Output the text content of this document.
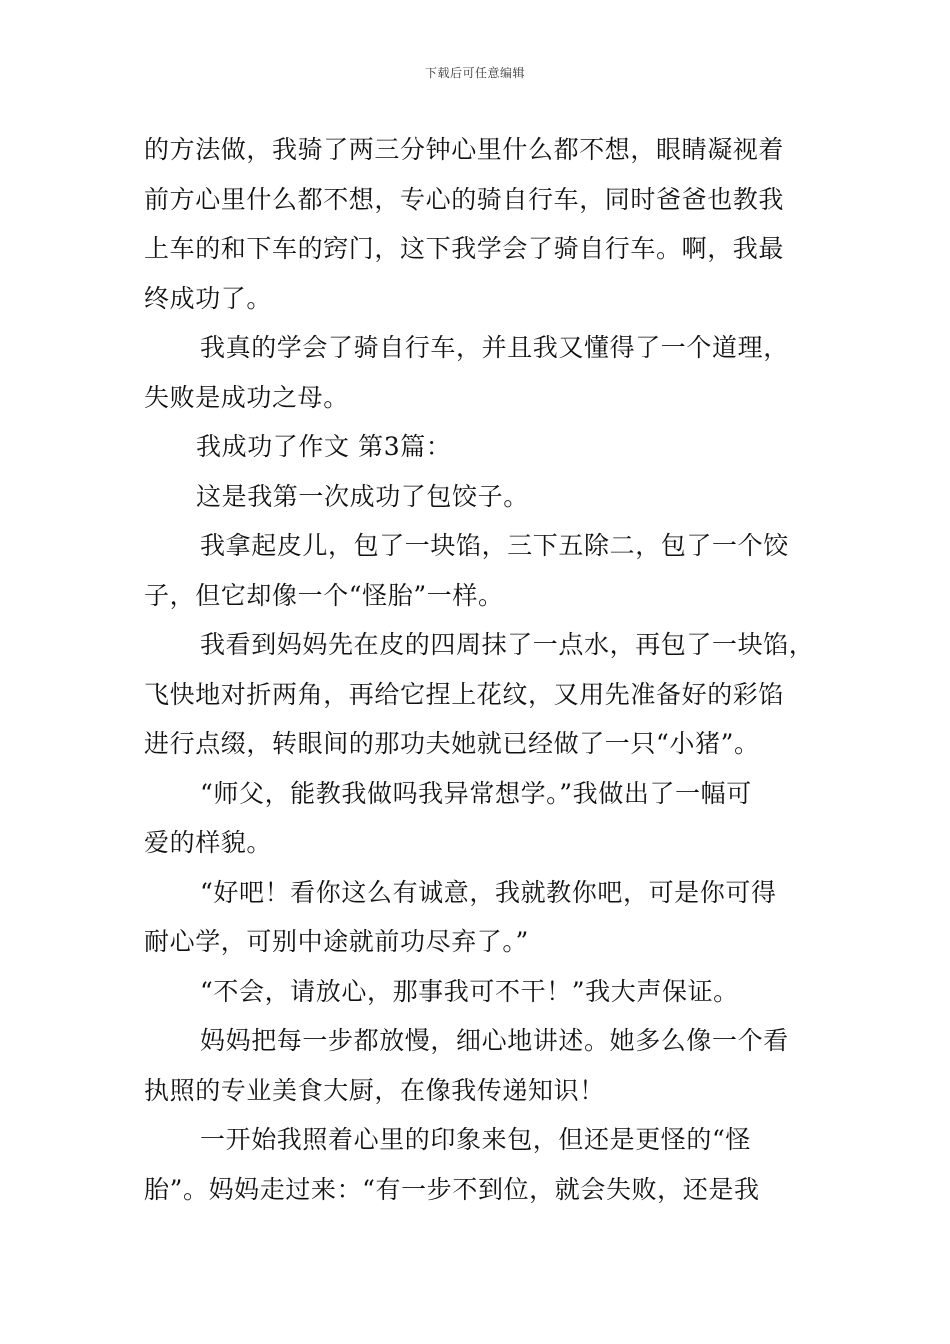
下载后可任意编辑
的方法做，我骑了两三分钟心里什么都不想，眼睛凝视着
前方心里什么都不想，专心的骑自行车，同时爸爸也教我
上车的和下车的窍门，这下我学会了骑自行车。啊，我最
终成功了。
我真的学会了骑自行车，并且我又懂得了一个道理，
失败是成功之母。
我成功了作文 第3篇：
这是我第一次成功了包饺子。
我拿起皮儿，包了一块馅，三下五除二，包了一个饺
子，但它却像一个“怪胎”一样。
我看到妈妈先在皮的四周抹了一点水，再包了一块馅，
飞快地对折两角，再给它捏上花纹，又用先准备好的彩馅
进行点缀，转眼间的那功夫她就已经做了一只“小猪”。
“师父，能教我做吗我异常想学。”我做出了一幅可
爱的样貌。
“好吧！看你这么有诚意，我就教你吧，可是你可得
耐心学，可别中途就前功尽弃了。”
“不会，请放心，那事我可不干！”我大声保证。
妈妈把每一步都放慢，细心地讲述。她多么像一个看
执照的专业美食大厨，在像我传递知识！
一开始我照着心里的印象来包，但还是更怪的“怪
胎”。妈妈走过来：“有一步不到位，就会失败，还是我
